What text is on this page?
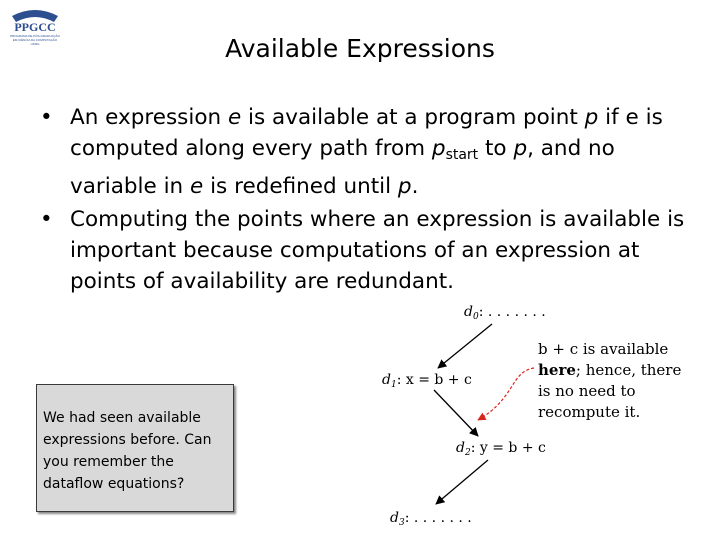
PPGCC
PROGRAMA DE PÓS-GRADUAÇÃO
EM CIÊNCIA DA COMPUTAÇÃO
UFMG	Available Expressions
• An expression e is available at a program point p if e is computed along every path from $p_{start}$ to p, and no variable in e is redefined until p.
• Computing the points where an expression is available is important because computations of an expression at points of availability are redundant.
We had seen available expressions before. Can you remember the dataflow equations?
$d_0$: . . . . . . .
$d_1$: x = b + c
$d_2$: y = b + c
$d_3$: . . . . . . .
b + c is available
here; hence, there
is no need to
recompute it.
